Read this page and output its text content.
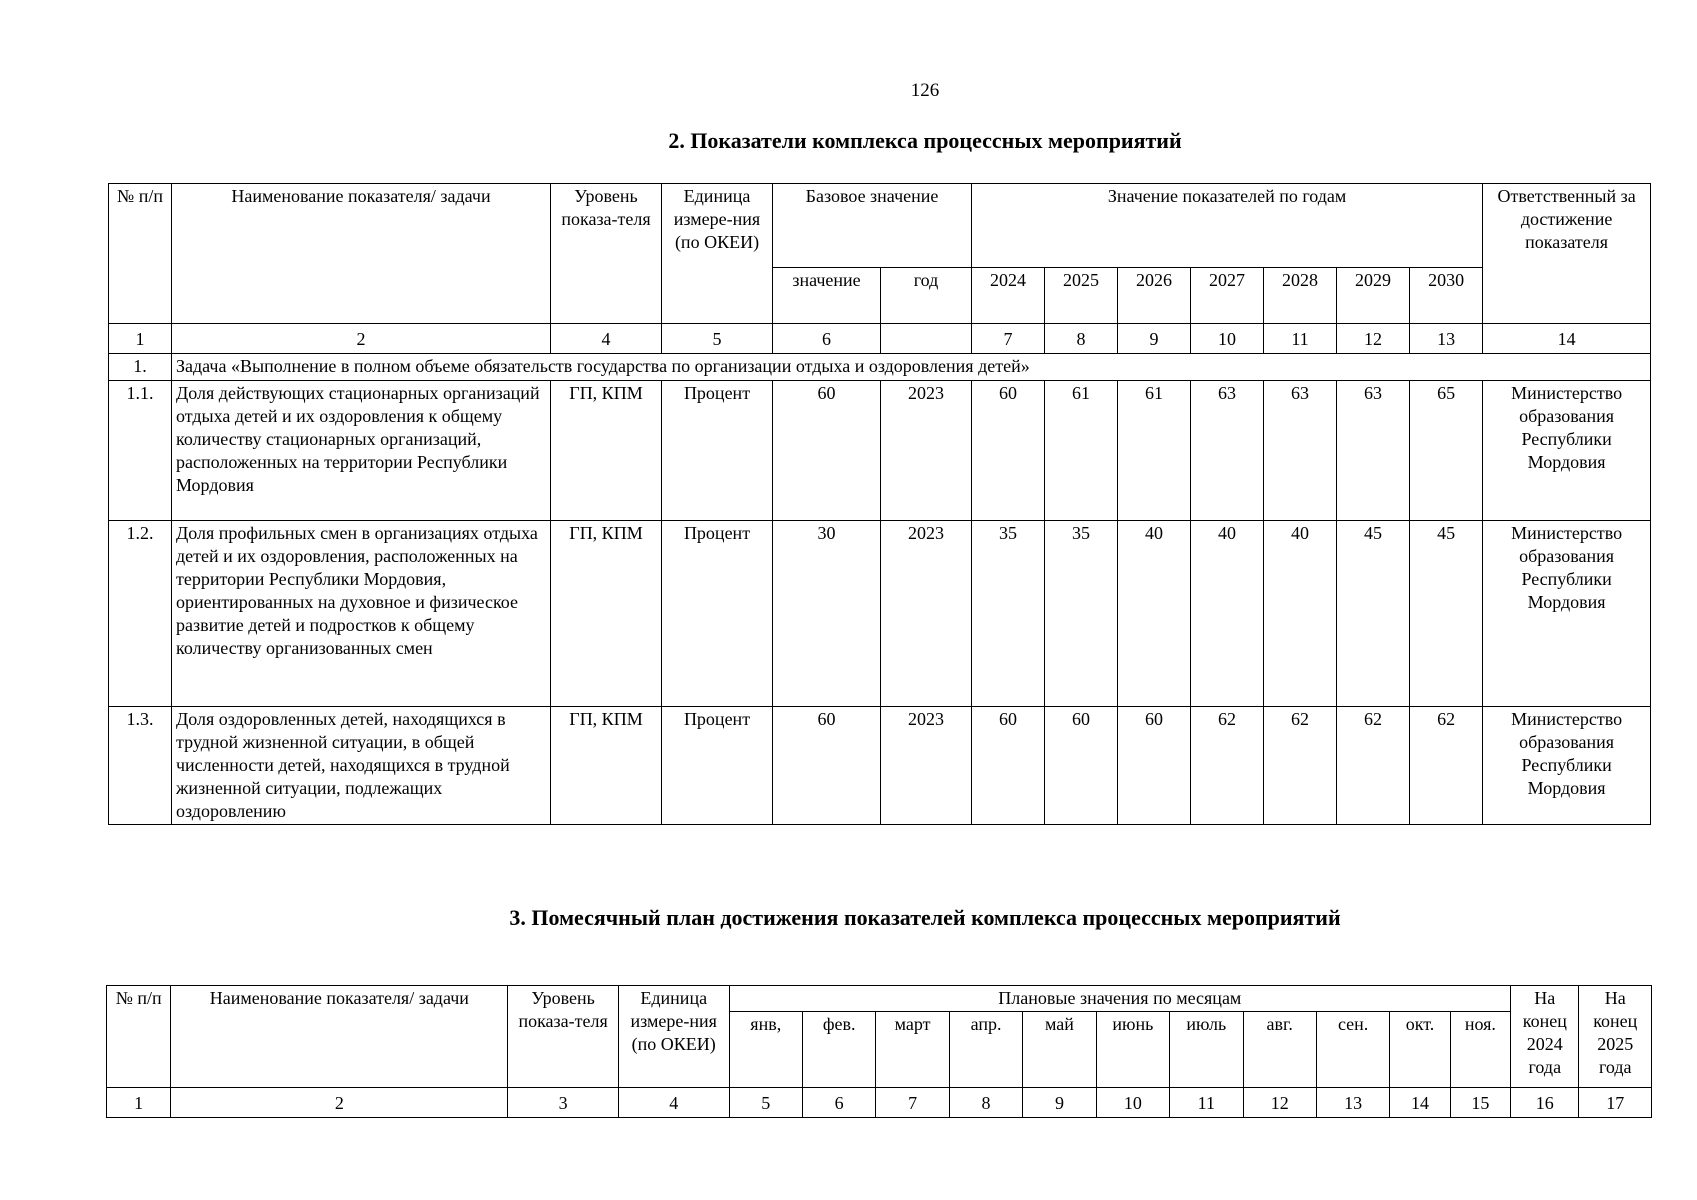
126
2. Показатели комплекса процессных мероприятий
№ п/п	Наименование показателя/ задачи	Уровень показа-теля	Единица измере-ния (по ОКЕИ)	Базовое значение		Значение показателей по годам							Ответственный за достижение показателя
				значение	год	2024	2025	2026	2027	2028	2029	2030	
1	2	4	5	6		7	8	9	10	11	12	13	14
1.	Задача «Выполнение в полном объеме обязательств государства по организации отдыха и оздоровления детей»												
1.1.	Доля действующих стационарных организаций отдыха детей и их оздоровления к общему количеству стационарных организаций, расположенных на территории Республики Мордовия	ГП, КПМ	Процент	60	2023	60	61	61	63	63	63	65	Министерство образования Республики Мордовия
1.2.	Доля профильных смен в организациях отдыха детей и их оздоровления, расположенных на территории Республики Мордовия, ориентированных на духовное и физическое развитие детей и подростков к общему количеству организованных смен	ГП, КПМ	Процент	30	2023	35	35	40	40	40	45	45	Министерство образования Республики Мордовия
1.3.	Доля оздоровленных детей, находящихся в трудной жизненной ситуации, в общей численности детей, находящихся в трудной жизненной ситуации, подлежащих оздоровлению	ГП, КПМ	Процент	60	2023	60	60	60	62	62	62	62	Министерство образования Республики Мордовия
3. Помесячный план достижения показателей комплекса процессных мероприятий
№ п/п	Наименование показателя/ задачи	Уровень показа-теля	Единица измере-ния (по ОКЕИ)	Плановые значения по месяцам											На конец 2024 года	На конец 2025 года
				янв,	фев.	март	апр.	май	июнь	июль	авг.	сен.	окт.	ноя.		
1	2	3	4	5	6	7	8	9	10	11	12	13	14	15	16	17
